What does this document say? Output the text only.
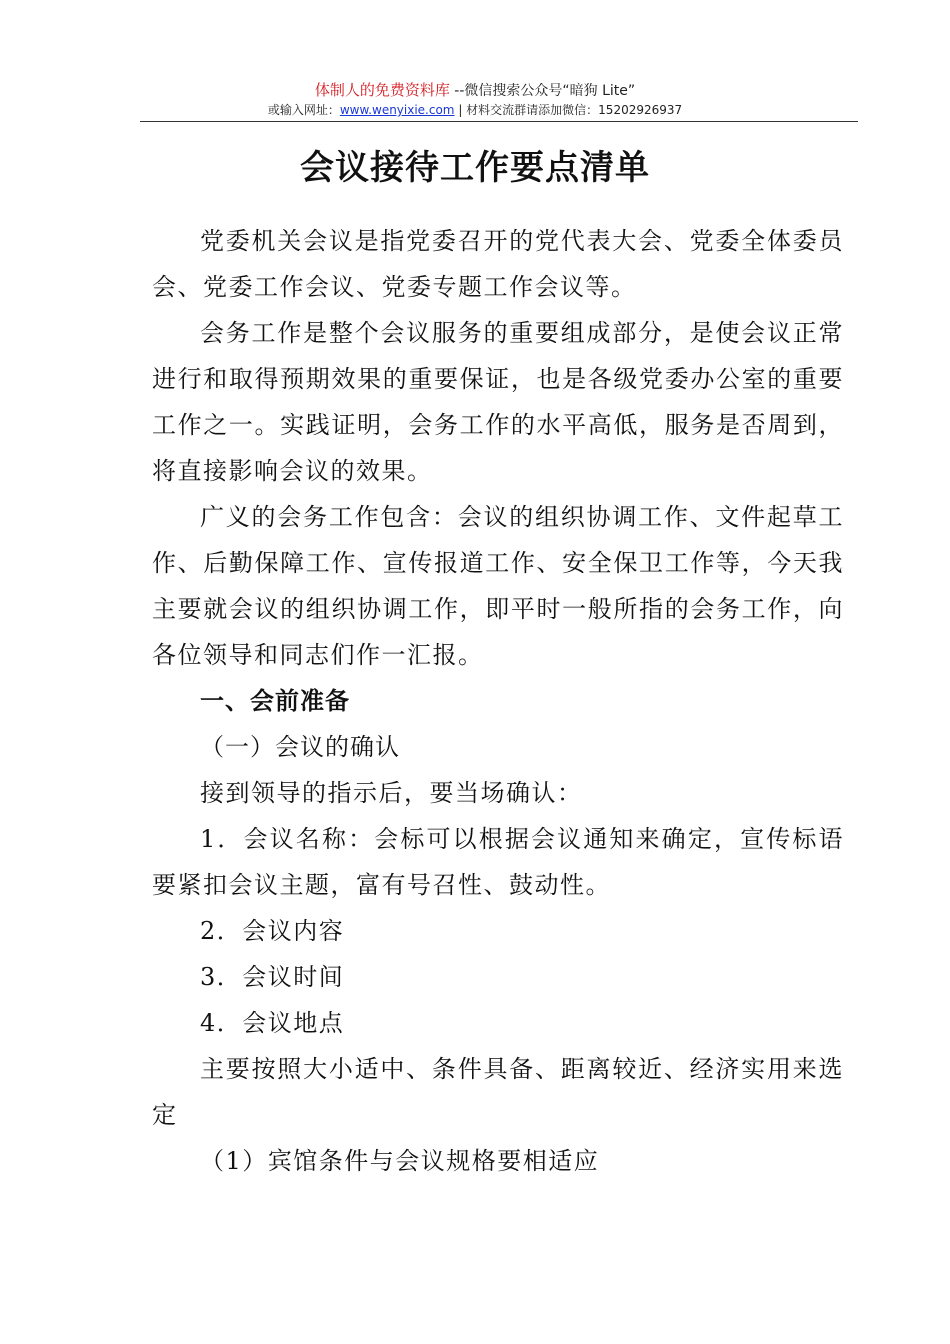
体制人的免费资料库 --微信搜索公众号“暗狗 Lite”
或输入网址：www.wenyixie.com | 材料交流群请添加微信：15202926937
会议接待工作要点清单

党委机关会议是指党委召开的党代表大会、党委全体委员会、党委工作会议、党委专题工作会议等。

会务工作是整个会议服务的重要组成部分，是使会议正常进行和取得预期效果的重要保证，也是各级党委办公室的重要工作之一。实践证明，会务工作的水平高低，服务是否周到，将直接影响会议的效果。

广义的会务工作包含：会议的组织协调工作、文件起草工作、后勤保障工作、宣传报道工作、安全保卫工作等，今天我主要就会议的组织协调工作，即平时一般所指的会务工作，向各位领导和同志们作一汇报。

一、会前准备

（一）会议的确认

接到领导的指示后，要当场确认：

1．会议名称：会标可以根据会议通知来确定，宣传标语要紧扣会议主题，富有号召性、鼓动性。

2．会议内容

3．会议时间

4．会议地点

主要按照大小适中、条件具备、距离较近、经济实用来选定

（1）宾馆条件与会议规格要相适应
